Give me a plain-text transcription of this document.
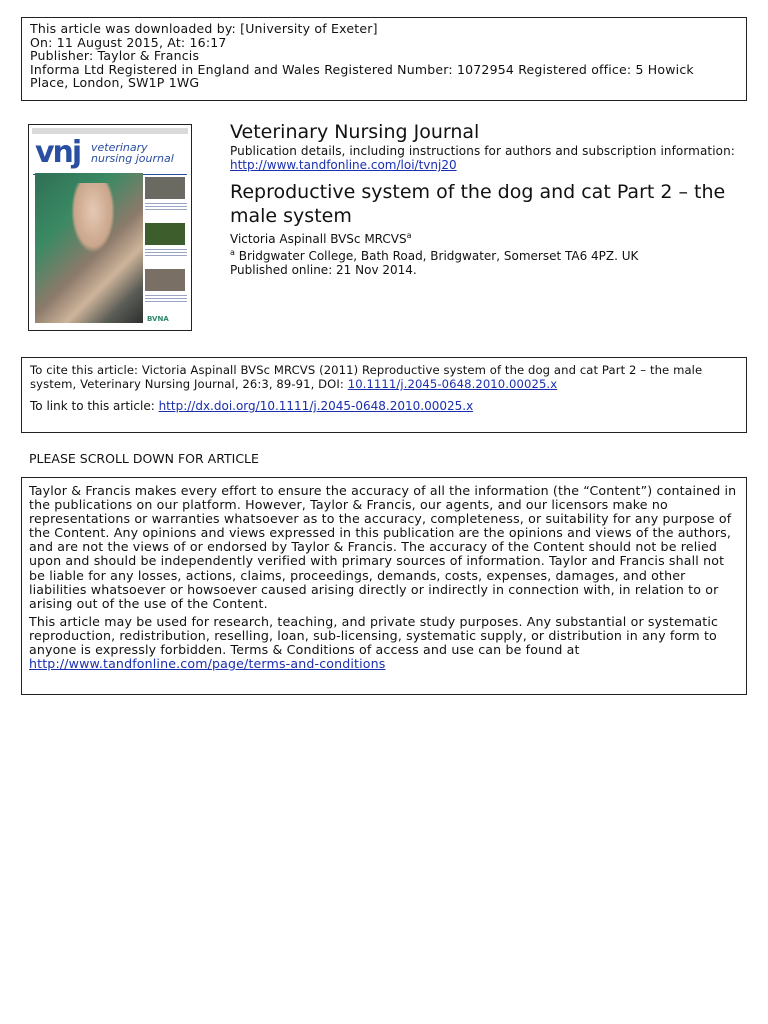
This article was downloaded by: [University of Exeter]
On: 11 August 2015, At: 16:17
Publisher: Taylor & Francis
Informa Ltd Registered in England and Wales Registered Number: 1072954 Registered office: 5 Howick
Place, London, SW1P 1WG
vnj veterinary
nursing journal
BVNA
Veterinary Nursing Journal
Publication details, including instructions for authors and subscription information:
http://www.tandfonline.com/loi/tvnj20
Reproductive system of the dog and cat Part 2 – the male system
Victoria Aspinall BVSc MRCVS$^a$
$^a$ Bridgwater College, Bath Road, Bridgwater, Somerset TA6 4PZ. UK
Published online: 21 Nov 2014.
To cite this article: Victoria Aspinall BVSc MRCVS (2011) Reproductive system of the dog and cat Part 2 – the male system, Veterinary Nursing Journal, 26:3, 89-91, DOI: 10.1111/j.2045-0648.2010.00025.x
To link to this article: http://dx.doi.org/10.1111/j.2045-0648.2010.00025.x
PLEASE SCROLL DOWN FOR ARTICLE

Taylor & Francis makes every effort to ensure the accuracy of all the information (the “Content”) contained in the publications on our platform. However, Taylor & Francis, our agents, and our licensors make no representations or warranties whatsoever as to the accuracy, completeness, or suitability for any purpose of the Content. Any opinions and views expressed in this publication are the opinions and views of the authors, and are not the views of or endorsed by Taylor & Francis. The accuracy of the Content should not be relied upon and should be independently verified with primary sources of information. Taylor and Francis shall not be liable for any losses, actions, claims, proceedings, demands, costs, expenses, damages, and other liabilities whatsoever or howsoever caused arising directly or indirectly in connection with, in relation to or arising out of the use of the Content.

This article may be used for research, teaching, and private study purposes. Any substantial or systematic reproduction, redistribution, reselling, loan, sub-licensing, systematic supply, or distribution in any form to anyone is expressly forbidden. Terms & Conditions of access and use can be found at http://www.tandfonline.com/page/terms-and-conditions
